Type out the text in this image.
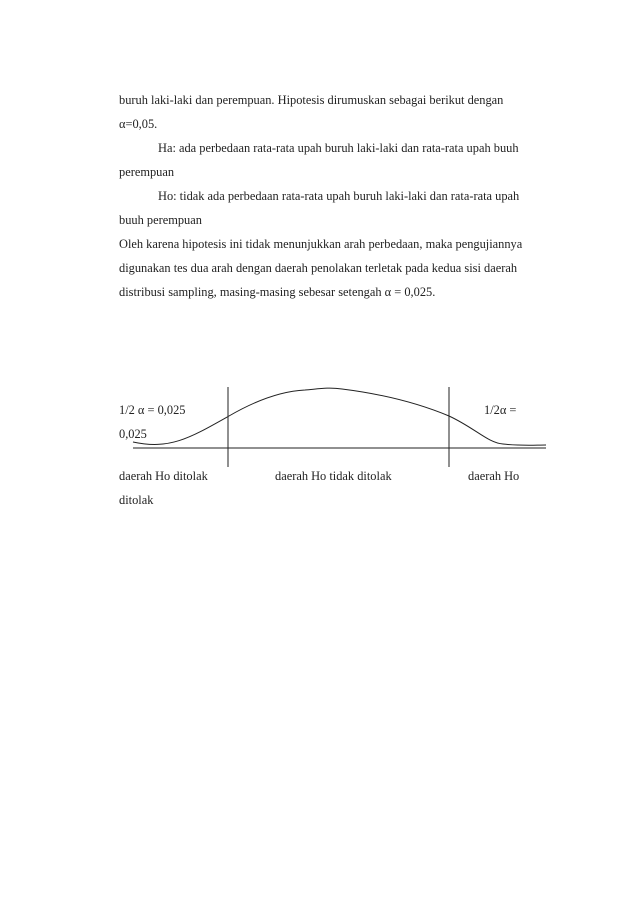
buruh laki-laki dan perempuan. Hipotesis dirumuskan sebagai berikut dengan
α=0,05.
Ha: ada perbedaan rata-rata upah buruh laki-laki dan rata-rata upah buuh
perempuan
Ho: tidak ada perbedaan rata-rata upah buruh laki-laki dan rata-rata upah
buuh perempuan
Oleh karena hipotesis ini tidak menunjukkan arah perbedaan, maka pengujiannya
digunakan tes dua arah dengan daerah penolakan terletak pada kedua sisi daerah
distribusi sampling, masing-masing sebesar setengah α = 0,025.
1/2 α = 0,025
0,025
1/2α =
daerah Ho ditolak	daerah Ho tidak ditolak	daerah Ho
ditolak
